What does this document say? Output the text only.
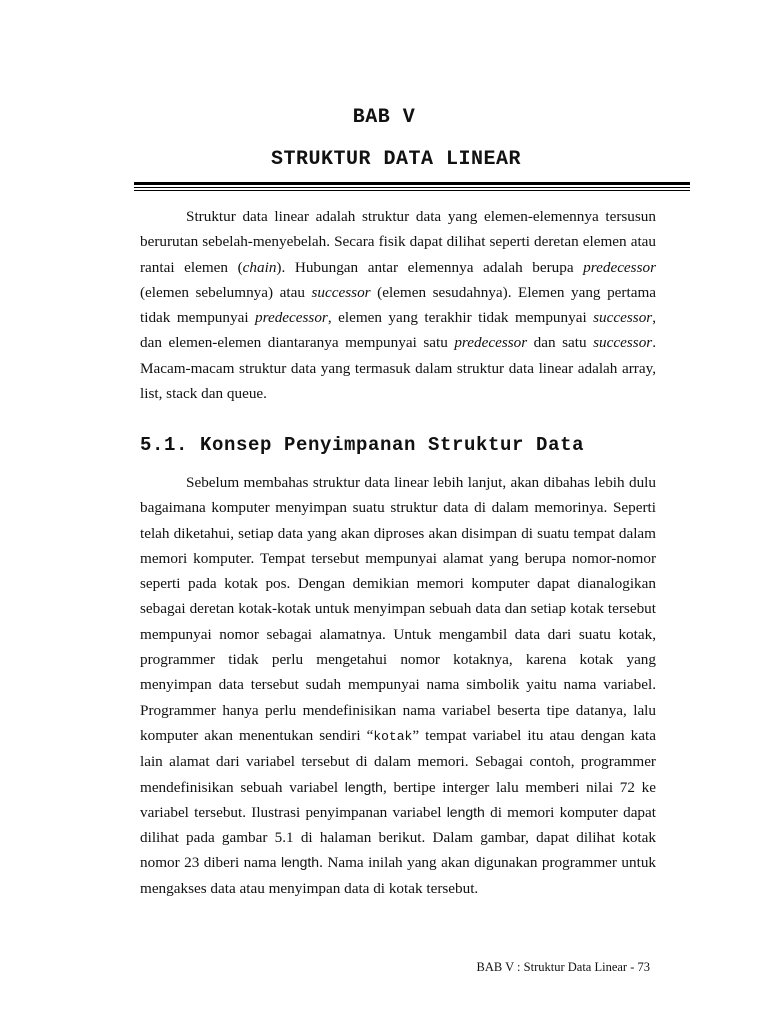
BAB V
STRUKTUR DATA LINEAR

Struktur data linear adalah struktur data yang elemen-elemennya tersusun berurutan sebelah-menyebelah. Secara fisik dapat dilihat seperti deretan elemen atau rantai elemen (chain). Hubungan antar elemennya adalah berupa predecessor (elemen sebelumnya) atau successor (elemen sesudahnya). Elemen yang pertama tidak mempunyai predecessor, elemen yang terakhir tidak mempunyai successor, dan elemen-elemen diantaranya mempunyai satu predecessor dan satu successor. Macam-macam struktur data yang termasuk dalam struktur data linear adalah array, list, stack dan queue.

5.1. Konsep Penyimpanan Struktur Data

Sebelum membahas struktur data linear lebih lanjut, akan dibahas lebih dulu bagaimana komputer menyimpan suatu struktur data di dalam memorinya. Seperti telah diketahui, setiap data yang akan diproses akan disimpan di suatu tempat dalam memori komputer. Tempat tersebut mempunyai alamat yang berupa nomor-nomor seperti pada kotak pos. Dengan demikian memori komputer dapat dianalogikan sebagai deretan kotak-kotak untuk menyimpan sebuah data dan setiap kotak tersebut mempunyai nomor sebagai alamatnya. Untuk mengambil data dari suatu kotak, programmer tidak perlu mengetahui nomor kotaknya, karena kotak yang menyimpan data tersebut sudah mempunyai nama simbolik yaitu nama variabel. Programmer hanya perlu mendefinisikan nama variabel beserta tipe datanya, lalu komputer akan menentukan sendiri “kotak” tempat variabel itu atau dengan kata lain alamat dari variabel tersebut di dalam memori. Sebagai contoh, programmer mendefinisikan sebuah variabel length, bertipe interger lalu memberi nilai 72 ke variabel tersebut. Ilustrasi penyimpanan variabel length di memori komputer dapat dilihat pada gambar 5.1 di halaman berikut. Dalam gambar, dapat dilihat kotak nomor 23 diberi nama length. Nama inilah yang akan digunakan programmer untuk mengakses data atau menyimpan data di kotak tersebut.

BAB V : Struktur Data Linear - 73
